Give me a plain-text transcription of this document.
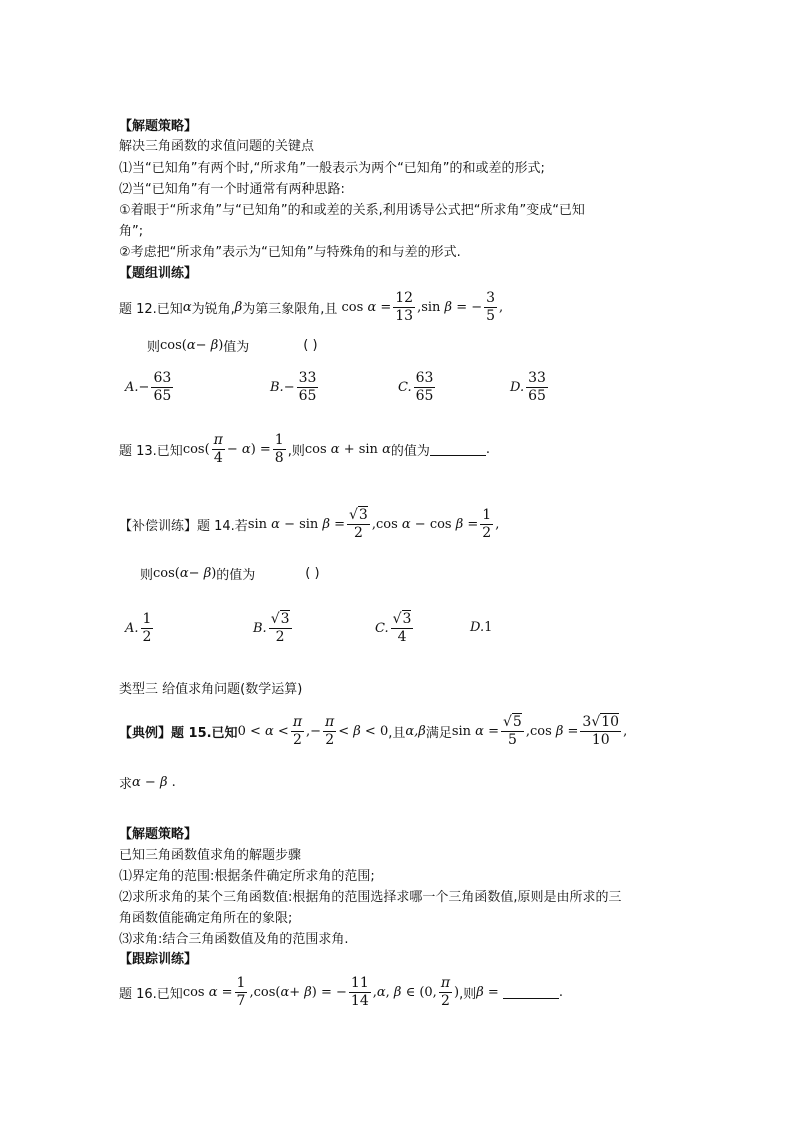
【解题策略】
解决三角函数的求值问题的关键点
⑴当“已知角”有两个时,“所求角”一般表示为两个“已知角”的和或差的形式;
⑵当“已知角”有一个时通常有两种思路:
①着眼于“所求角”与“已知角”的和或差的关系,利用诱导公式把“所求角”变成“已知
角”;
②考虑把“所求角”表示为“已知角”与特殊角的和与差的形式.
【题组训练】
题 12.已知 α 为锐角, β 为第三象限角,且 $\cos \alpha = \frac{12}{13} ,\sin$ β = − $\frac{3}{5}$ ,
则 cos(α− β) 值为	( )
A. − $\frac{63}{65}$	B. − $\frac{33}{65}$	C. $\frac{63}{65}$	D. $\frac{33}{65}$
题 13.已知 $\cos( \frac{\pi}{4} - \alpha) = \frac{1}{8}$ ,则 cos α + sin α 的值为	.
【补偿训练】题 14.若 $\sin \alpha - \sin \beta = \frac{√3}{2} ,\cos$ $\alpha - \cos \beta = \frac{1}{2}$ ,
则 cos(α− β) 的值为	( )
A. $\frac{1}{2}$	B. $\frac{√3}{2}$	C. $\frac{√3}{4}$	D. 1
类型三 给值求角问题(数学运算)
【典例】题 15.已知 $0 < \alpha < \frac{\pi}{2}$ ,− $\frac{\pi}{2} < \beta < 0$ ,且 α,β 满足 $\sin \alpha = \frac{√5}{5} ,\cos$ $\beta = \frac{3√10}{10}$ ,
求 α − β .
【解题策略】
已知三角函数值求角的解题步骤
⑴界定角的范围:根据条件确定所求角的范围;
⑵求所求角的某个三角函数值:根据角的范围选择求哪一个三角函数值,原则是由所求的三
角函数值能确定角所在的象限;
⑶求角:结合三角函数值及角的范围求角.
【跟踪训练】
题 16.已知 $\cos \alpha = \frac{1}{7} ,\cos(\alpha+ \beta)$ = − $\frac{11}{14} ,\alpha$, β ∈ (0, $\frac{\pi}{2}$ ) ,则 β =	.
